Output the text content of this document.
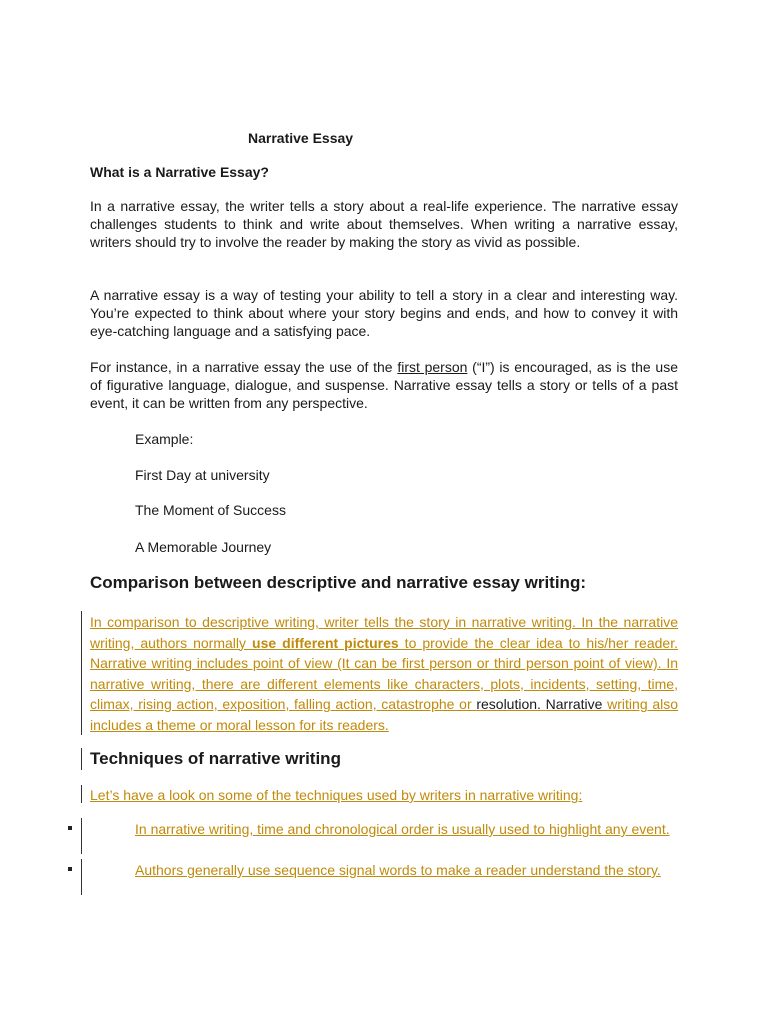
Narrative Essay
What is a Narrative Essay?
In a narrative essay, the writer tells a story about a real-life experience. The narrative essay challenges students to think and write about themselves. When writing a narrative essay, writers should try to involve the reader by making the story as vivid as possible.
A narrative essay is a way of testing your ability to tell a story in a clear and interesting way. You’re expected to think about where your story begins and ends, and how to convey it with eye-catching language and a satisfying pace.
For instance, in a narrative essay the use of the first person (“I”) is encouraged, as is the use of figurative language, dialogue, and suspense. Narrative essay tells a story or tells of a past event, it can be written from any perspective.
Example:
First Day at university
The Moment of Success
A Memorable Journey
Comparison between descriptive and narrative essay writing:
In comparison to descriptive writing, writer tells the story in narrative writing. In the narrative writing, authors normally use different pictures to provide the clear idea to his/her reader. Narrative writing includes point of view (It can be first person or third person point of view). In narrative writing, there are different elements like characters, plots, incidents, setting, time, climax, rising action, exposition, falling action, catastrophe or resolution. Narrative writing also includes a theme or moral lesson for its readers.
Techniques of narrative writing
Let’s have a look on some of the techniques used by writers in narrative writing:
In narrative writing, time and chronological order is usually used to highlight any event.
Authors generally use sequence signal words to make a reader understand the story.
